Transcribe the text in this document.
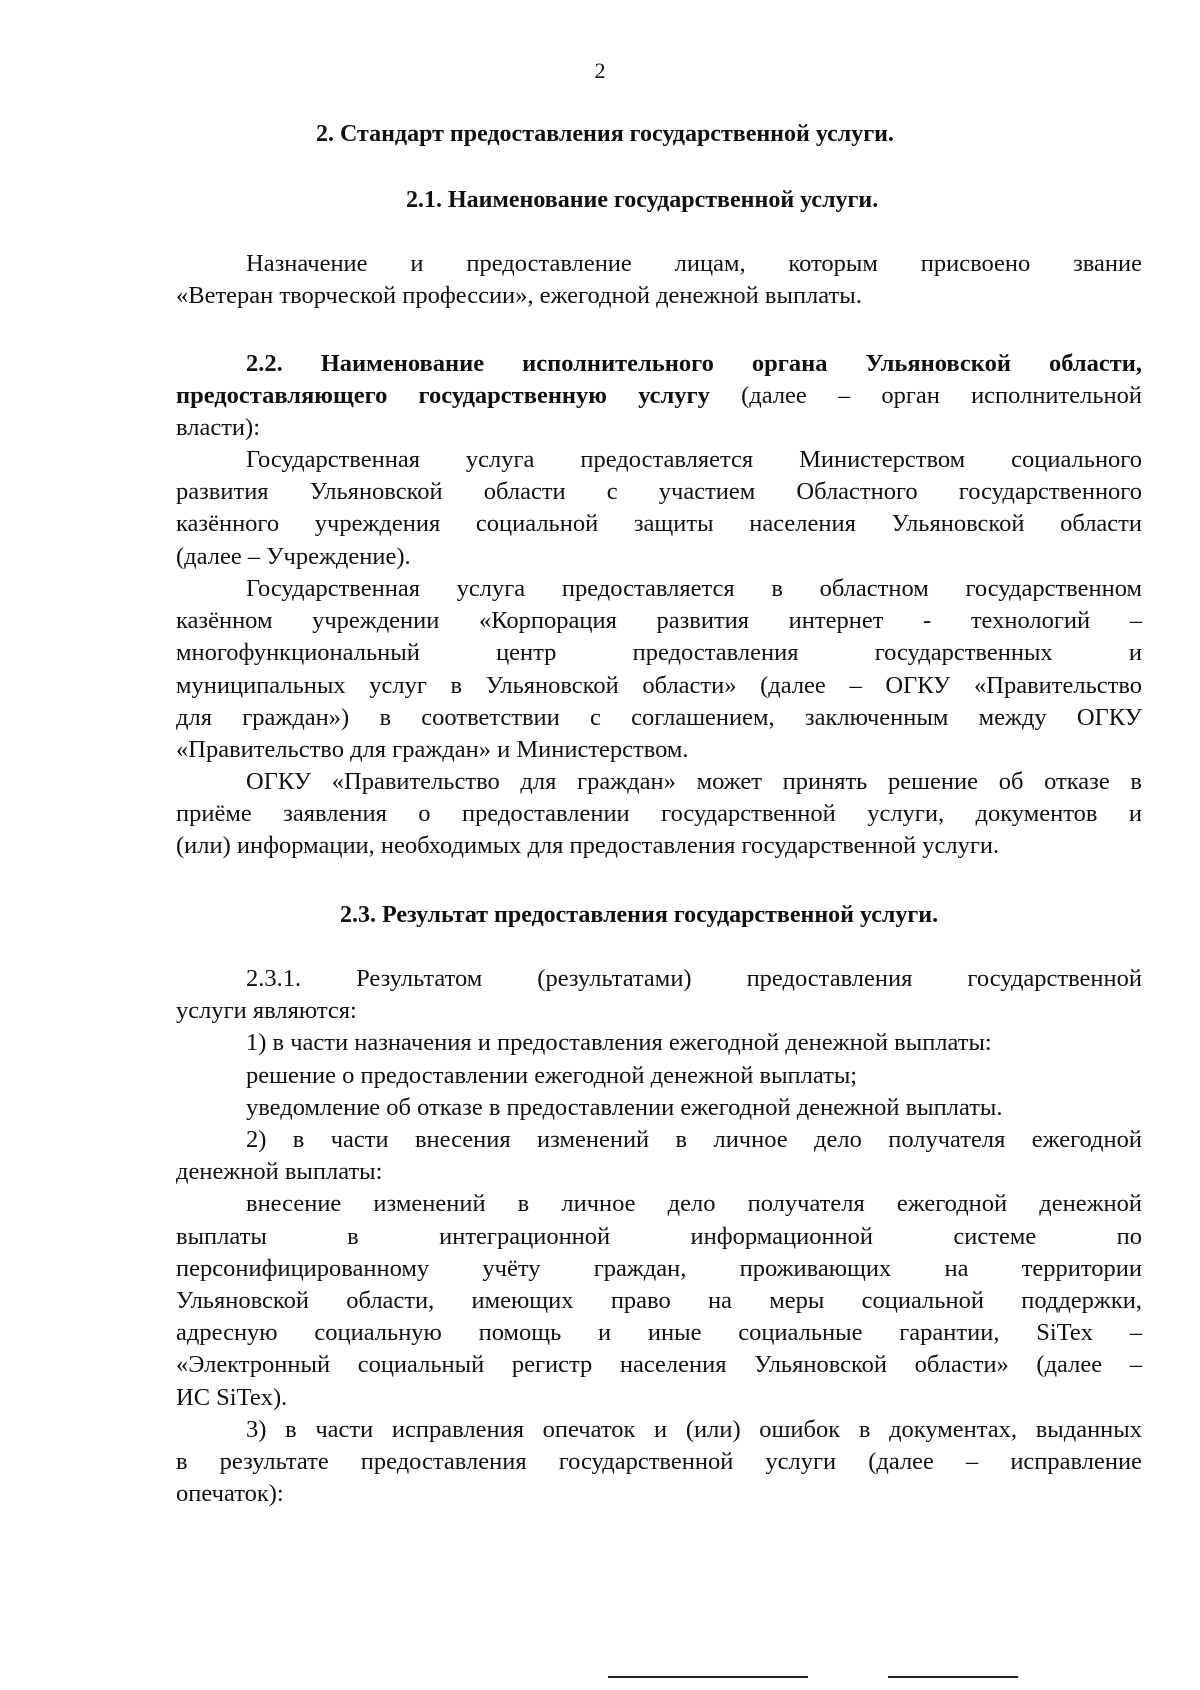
2
2. Стандарт предоставления государственной услуги.
2.1. Наименование государственной услуги.
Назначение и предоставление лицам, которым присвоено звание
«Ветеран творческой профессии», ежегодной денежной выплаты.
2.2. Наименование исполнительного органа Ульяновской области,
предоставляющего государственную услугу (далее – орган исполнительной
власти):
Государственная услуга предоставляется Министерством социального
развития Ульяновской области с участием Областного государственного
казённого учреждения социальной защиты населения Ульяновской области
(далее – Учреждение).
Государственная услуга предоставляется в областном государственном
казённом учреждении «Корпорация развития интернет - технологий –
многофункциональный центр предоставления государственных и
муниципальных услуг в Ульяновской области» (далее – ОГКУ «Правительство
для граждан») в соответствии с соглашением, заключенным между ОГКУ
«Правительство для граждан» и Министерством.
ОГКУ «Правительство для граждан» может принять решение об отказе в
приёме заявления о предоставлении государственной услуги, документов и
(или) информации, необходимых для предоставления государственной услуги.
2.3. Результат предоставления государственной услуги.
2.3.1. Результатом (результатами) предоставления государственной
услуги являются:
1) в части назначения и предоставления ежегодной денежной выплаты:
решение о предоставлении ежегодной денежной выплаты;
уведомление об отказе в предоставлении ежегодной денежной выплаты.
2) в части внесения изменений в личное дело получателя ежегодной
денежной выплаты:
внесение изменений в личное дело получателя ежегодной денежной
выплаты в интеграционной информационной системе по
персонифицированному учёту граждан, проживающих на территории
Ульяновской области, имеющих право на меры социальной поддержки,
адресную социальную помощь и иные социальные гарантии, SiTex –
«Электронный социальный регистр населения Ульяновской области» (далее –
ИС SiTex).
3) в части исправления опечаток и (или) ошибок в документах, выданных
в результате предоставления государственной услуги (далее – исправление
опечаток):
